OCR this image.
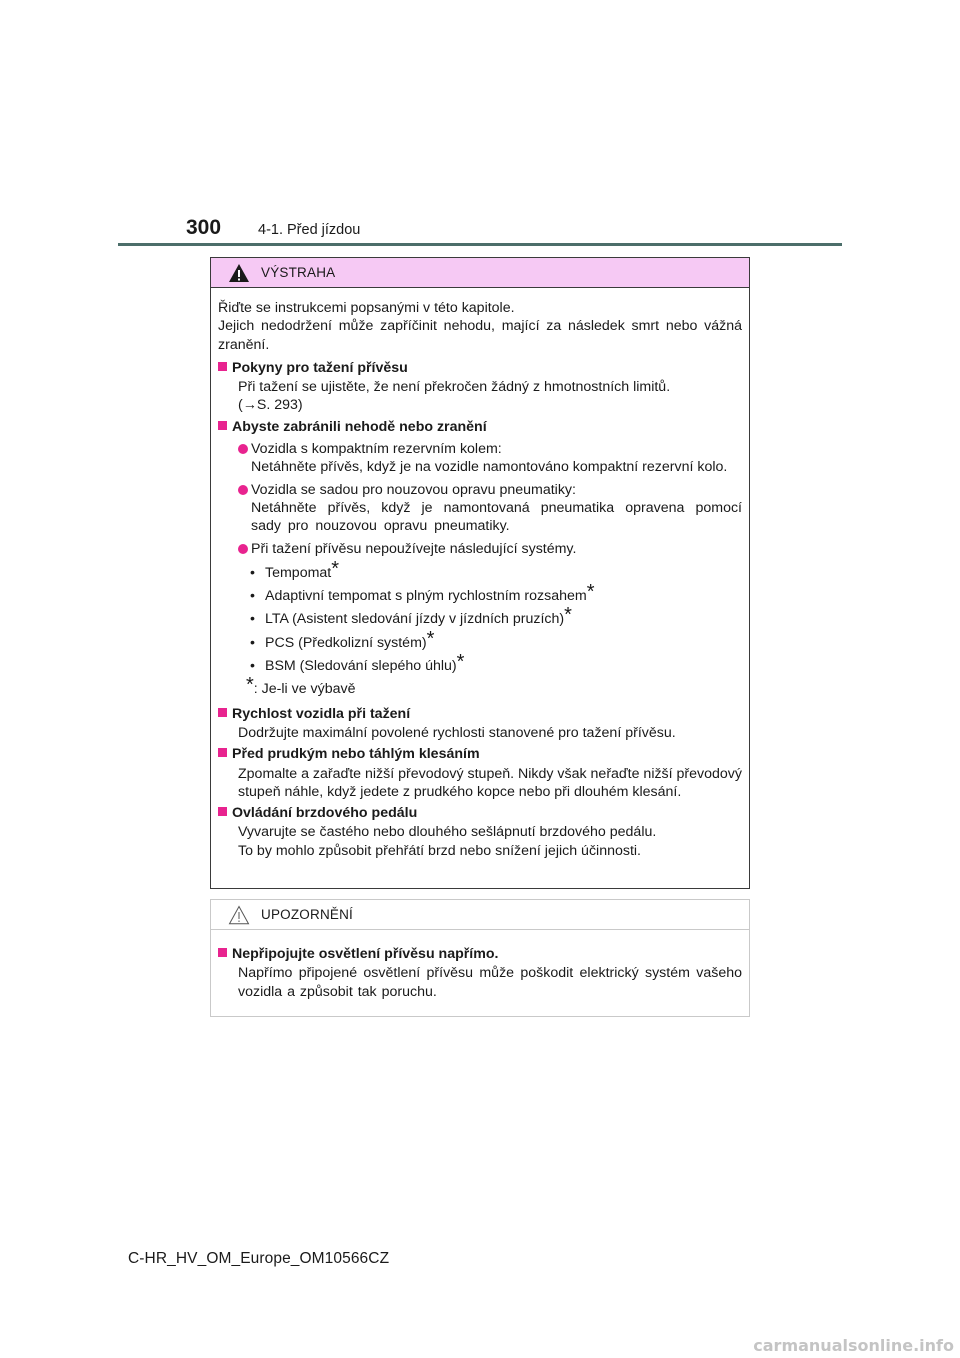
300	4-1. Před jízdou
VÝSTRAHA
Řiďte se instrukcemi popsanými v této kapitole.
Jejich nedodržení může zapříčinit nehodu, mající za následek smrt nebo vážná zranění.
Pokyny pro tažení přívěsu
Při tažení se ujistěte, že není překročen žádný z hmotnostních limitů.
(→S. 293)
Abyste zabránili nehodě nebo zranění
Vozidla s kompaktním rezervním kolem:
Netáhněte přívěs, když je na vozidle namontováno kompaktní rezervní kolo.
Vozidla se sadou pro nouzovou opravu pneumatiky:
Netáhněte přívěs, když je namontovaná pneumatika opravena pomocí sady pro nouzovou opravu pneumatiky.
Při tažení přívěsu nepoužívejte následující systémy.
• Tempomat*
• Adaptivní tempomat s plným rychlostním rozsahem*
• LTA (Asistent sledování jízdy v jízdních pruzích)*
• PCS (Předkolizní systém)*
• BSM (Sledování slepého úhlu)*
*: Je-li ve výbavě
Rychlost vozidla při tažení
Dodržujte maximální povolené rychlosti stanovené pro tažení přívěsu.
Před prudkým nebo táhlým klesáním
Zpomalte a zařaďte nižší převodový stupeň. Nikdy však neřaďte nižší převodový stupeň náhle, když jedete z prudkého kopce nebo při dlouhém klesání.
Ovládání brzdového pedálu
Vyvarujte se častého nebo dlouhého sešlápnutí brzdového pedálu.
To by mohlo způsobit přehřátí brzd nebo snížení jejich účinnosti.
UPOZORNĚNÍ
Nepřipojujte osvětlení přívěsu napřímo.
Napřímo připojené osvětlení přívěsu může poškodit elektrický systém vašeho vozidla a způsobit tak poruchu.
C-HR_HV_OM_Europe_OM10566CZ
carmanualsonline.info
